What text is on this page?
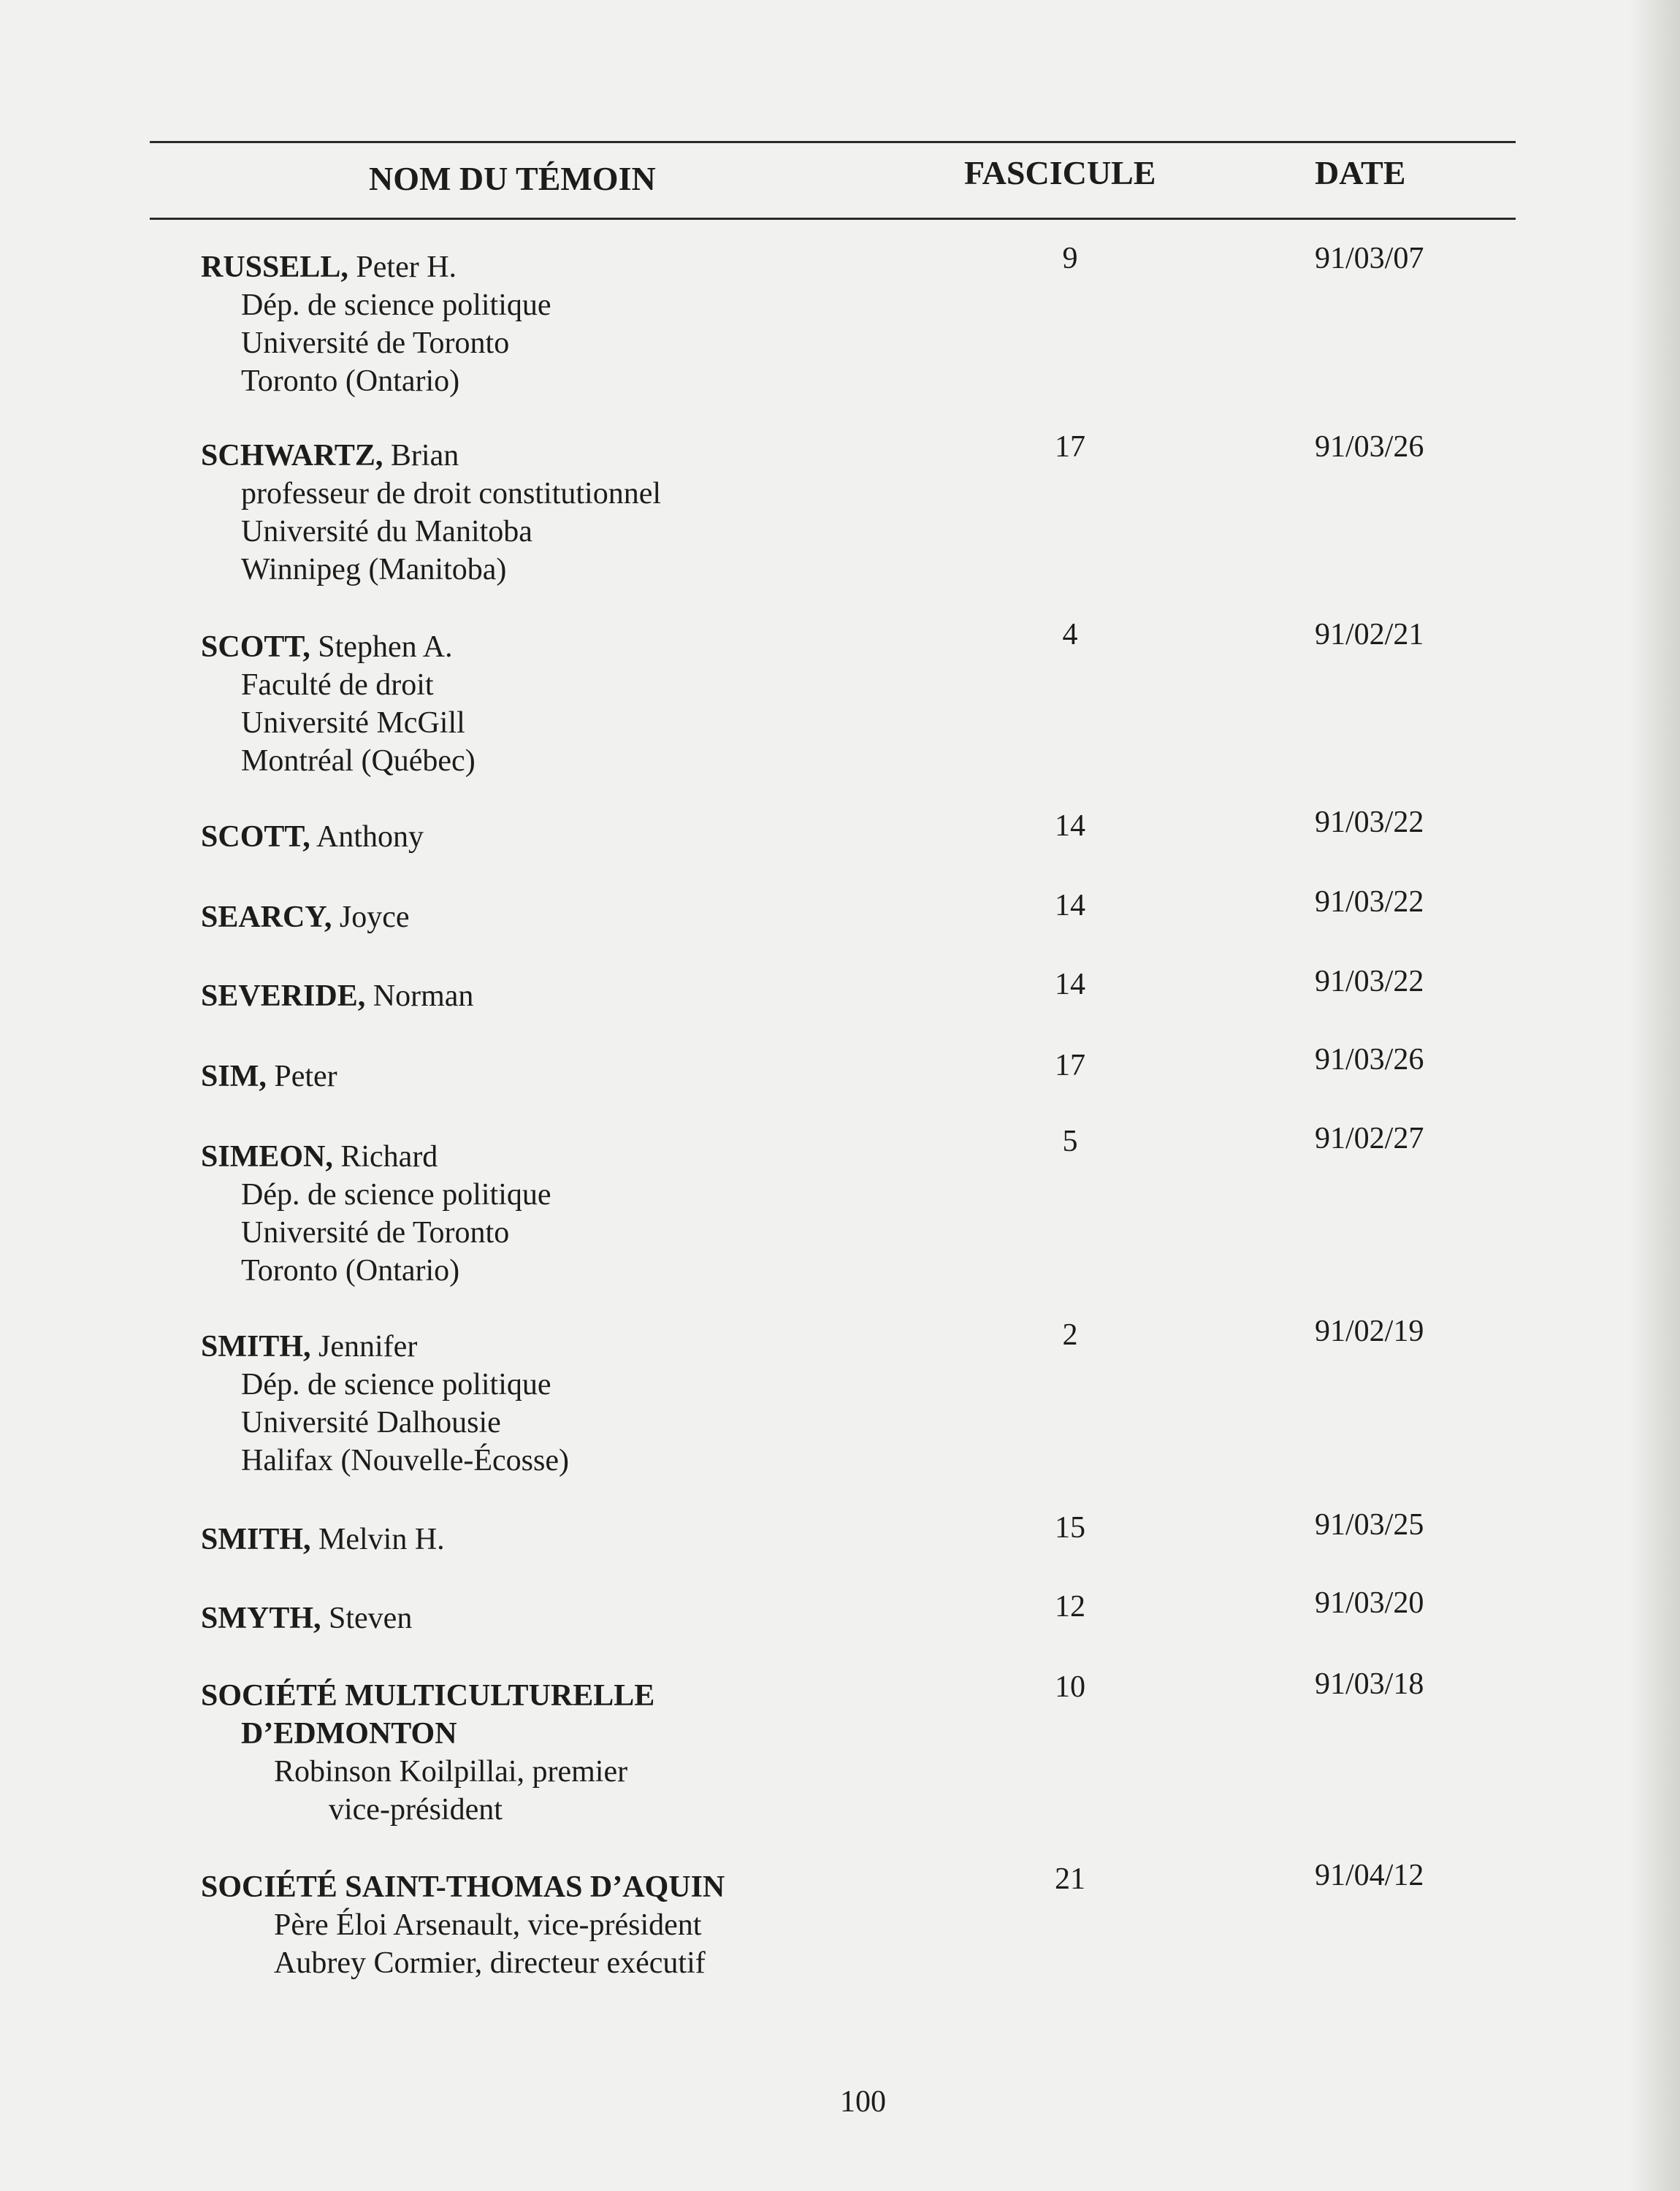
NOM DU TÉMOIN	FASCICULE	DATE
RUSSELL, Peter H.
Dép. de science politique
Université de Toronto
Toronto (Ontario)
9	91/03/07
SCHWARTZ, Brian
professeur de droit constitutionnel
Université du Manitoba
Winnipeg (Manitoba)
17	91/03/26
SCOTT, Stephen A.
Faculté de droit
Université McGill
Montréal (Québec)
4	91/02/21
SCOTT, Anthony	14	91/03/22
SEARCY, Joyce	14	91/03/22
SEVERIDE, Norman	14	91/03/22
SIM, Peter	17	91/03/26
SIMEON, Richard
Dép. de science politique
Université de Toronto
Toronto (Ontario)
5	91/02/27
SMITH, Jennifer
Dép. de science politique
Université Dalhousie
Halifax (Nouvelle-Écosse)
2	91/02/19
SMITH, Melvin H.	15	91/03/25
SMYTH, Steven	12	91/03/20
SOCIÉTÉ MULTICULTURELLE
D’EDMONTON
Robinson Koilpillai, premier
vice-président
10	91/03/18
SOCIÉTÉ SAINT-THOMAS D’AQUIN
Père Éloi Arsenault, vice-président
Aubrey Cormier, directeur exécutif
21	91/04/12
100
